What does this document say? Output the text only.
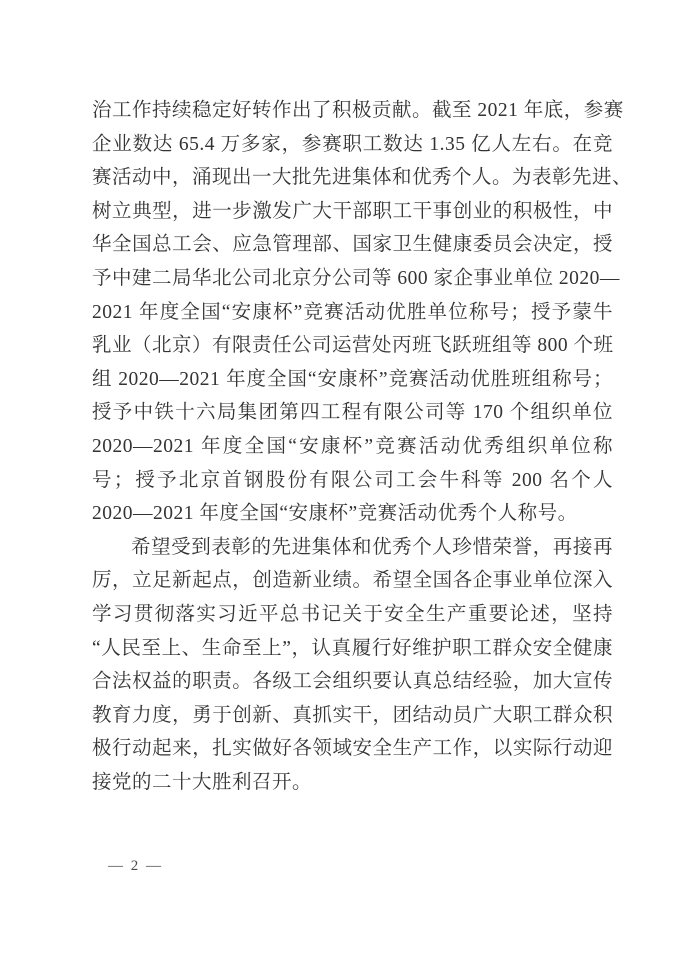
治工作持续稳定好转作出了积极贡献。截至 2021 年底，参赛
企业数达 65.4 万多家，参赛职工数达 1.35 亿人左右。在竞
赛活动中，涌现出一大批先进集体和优秀个人。为表彰先进、
树立典型，进一步激发广大干部职工干事创业的积极性，中
华全国总工会、应急管理部、国家卫生健康委员会决定，授
予中建二局华北公司北京分公司等 600 家企事业单位 2020—
2021 年度全国“安康杯”竞赛活动优胜单位称号；授予蒙牛
乳业（北京）有限责任公司运营处丙班飞跃班组等 800 个班
组 2020—2021 年度全国“安康杯”竞赛活动优胜班组称号；
授予中铁十六局集团第四工程有限公司等 170 个组织单位
2020—2021 年度全国“安康杯”竞赛活动优秀组织单位称
号；授予北京首钢股份有限公司工会牛科等 200 名个人
2020—2021 年度全国“安康杯”竞赛活动优秀个人称号。
希望受到表彰的先进集体和优秀个人珍惜荣誉，再接再
厉，立足新起点，创造新业绩。希望全国各企事业单位深入
学习贯彻落实习近平总书记关于安全生产重要论述，坚持
“人民至上、生命至上”，认真履行好维护职工群众安全健康
合法权益的职责。各级工会组织要认真总结经验，加大宣传
教育力度，勇于创新、真抓实干，团结动员广大职工群众积
极行动起来，扎实做好各领域安全生产工作，以实际行动迎
接党的二十大胜利召开。
— 2 —
